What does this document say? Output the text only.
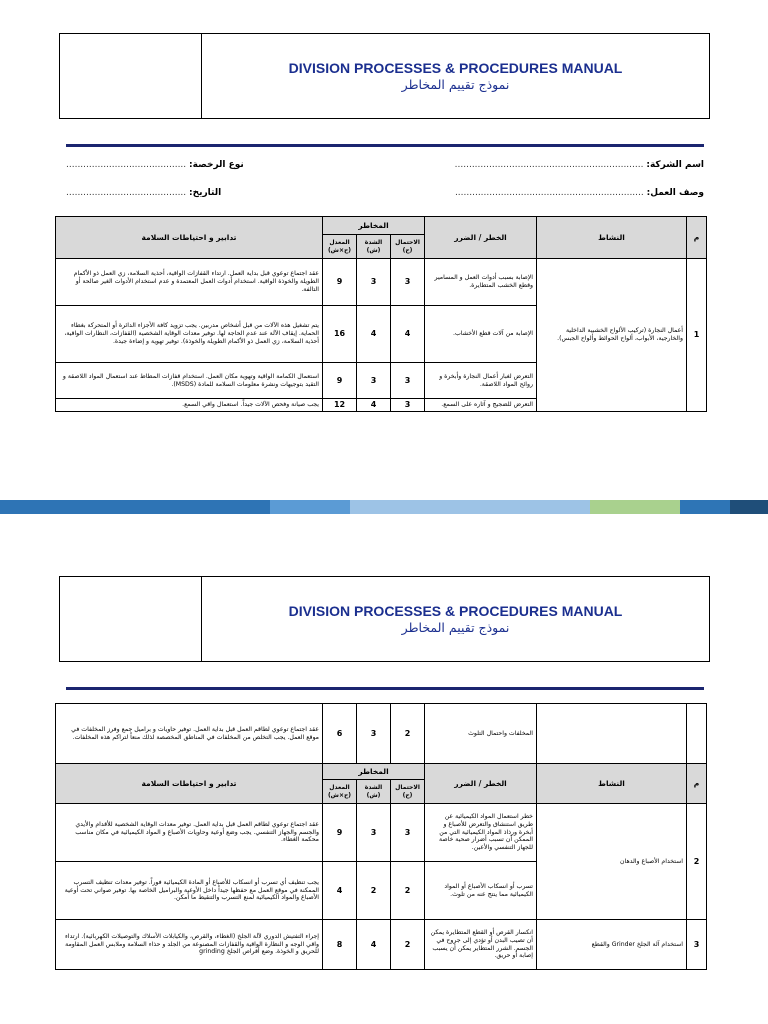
DIVISION PROCESSES & PROCEDURES MANUAL
نموذج تقييم المخاطر
اسم الشركة: ..................................................................
نوع الرخصة: ..........................................
وصف العمل: ..................................................................
التاريخ: ..........................................
م	النشاط	الخطر / الضرر	المخاطر			تدابير و احتياطات السلامة
			الاحتمال (ح)	الشدة (ش)	المعدل (ح×ش)	
1	أعمال النجارة (تركيب الألواح الخشبية الداخلية والخارجية، الأبواب، ألواح الحوائط وألواح الجبس).	الإصابة بسبب أدوات العمل و المسامير وقطع الخشب المتطايرة.	3	3	9	عقد اجتماع توعوي قبل بداية العمل. ارتداء القفازات الواقية، أحذية السلامة، زي العمل ذو الأكمام الطويلة والخوذة الواقية. استخدام أدوات العمل المعتمدة و عدم استخدام الأدوات الغير صالحة أو التالفة.
		الإصابة من آلات قطع الأخشاب.	4	4	16	يتم تشغيل هذه الآلات من قبل أشخاص مدربين. يجب تزويد كافة الأجزاء الدائرة أو المتحركة بغطاء الحماية. إيقاف الآلة عند عدم الحاجة لها. توفير معدات الوقاية الشخصية (القفازات، النظارات الواقية، أحذية السلامة، زي العمل ذو الأكمام الطويلة والخوذة). توفير تهوية و إضاءة جيدة.
		التعرض لغبار أعمال النجارة وأبخرة و روائح المواد اللاصقة.	3	3	9	استعمال الكمامة الواقية وتهوية مكان العمل. استخدام قفازات المطاط عند استعمال المواد اللاصقة و التقيد بتوجيهات ونشرة معلومات السلامة للمادة (MSDS).
		التعرض للضجيج و آثاره على السمع.	3	4	12	يجب صيانة وفحص الآلات جيداً. استعمال واقي السمع.
DIVISION PROCESSES & PROCEDURES MANUAL
نموذج تقييم المخاطر
		المخلفات واحتمال التلوث	2	3	6	عقد اجتماع توعوي لطاقم العمل قبل بداية العمل. توفير حاويات و براميل جمع وفرز المخلفات في موقع العمل. يجب التخلص من المخلفات في المناطق المخصصة لذلك منعاً لتراكم هذه المخلفات.
م	النشاط	الخطر / الضرر	المخاطر			تدابير و احتياطات السلامة
			الاحتمال (ح)	الشدة (ش)	المعدل (ح×ش)	
2	استخدام الأصباغ والدهان	خطر استعمال المواد الكيميائية عن طريق استنشاق والتعرض للأصباغ و أبخرة ورذاذ المواد الكيميائية التي من الممكن أن تسبب أضرار صحية خاصة للجهاز التنفسي والأعين.	3	3	9	عقد اجتماع توعوي لطاقم العمل قبل بداية العمل. توفير معدات الوقاية الشخصية للأقدام والأيدي والجسم والجهاز التنفسي. يجب وضع أوعية وحاويات الأصباغ و المواد الكيميائية في مكان مناسب محكمة الغطاء.
		تسرب أو انسكاب الأصباغ أو المواد الكيميائية مما ينتج عنه من تلوث.	2	2	4	يجب تنظيف أي تسرب أو انسكاب للأصباغ أو المادة الكيميائية فوراً. توفير معدات تنظيف التسرب الممكنة في موقع العمل مع حفظها جيداً داخل الأوعية والبراميل الخاصة بها. توفير صواني تحت أوعية الأصباغ والمواد الكيميائية لمنع التسرب والتنقيط ما أمكن.
3	استخدام آلة الجلخ Grinder والقطع	انكسار القرص أو القطع المتطايرة يمكن أن تصيب البدن أو تؤدي إلى جروح في الجسم. الشرر المتطاير يمكن أن يسبب إصابة أو حريق.	2	4	8	إجراء التفتيش الدوري لآلة الجلخ (الغطاء، والقرص، والكيابلات الأسلاك والتوصيلات الكهربائية). ارتداء واقي الوجه و النظارة الواقية والقفازات المصنوعة من الجلد و حذاء السلامة وملابس العمل المقاومة للحريق و الخوذة. وضع أقراص الجلخ grinding
